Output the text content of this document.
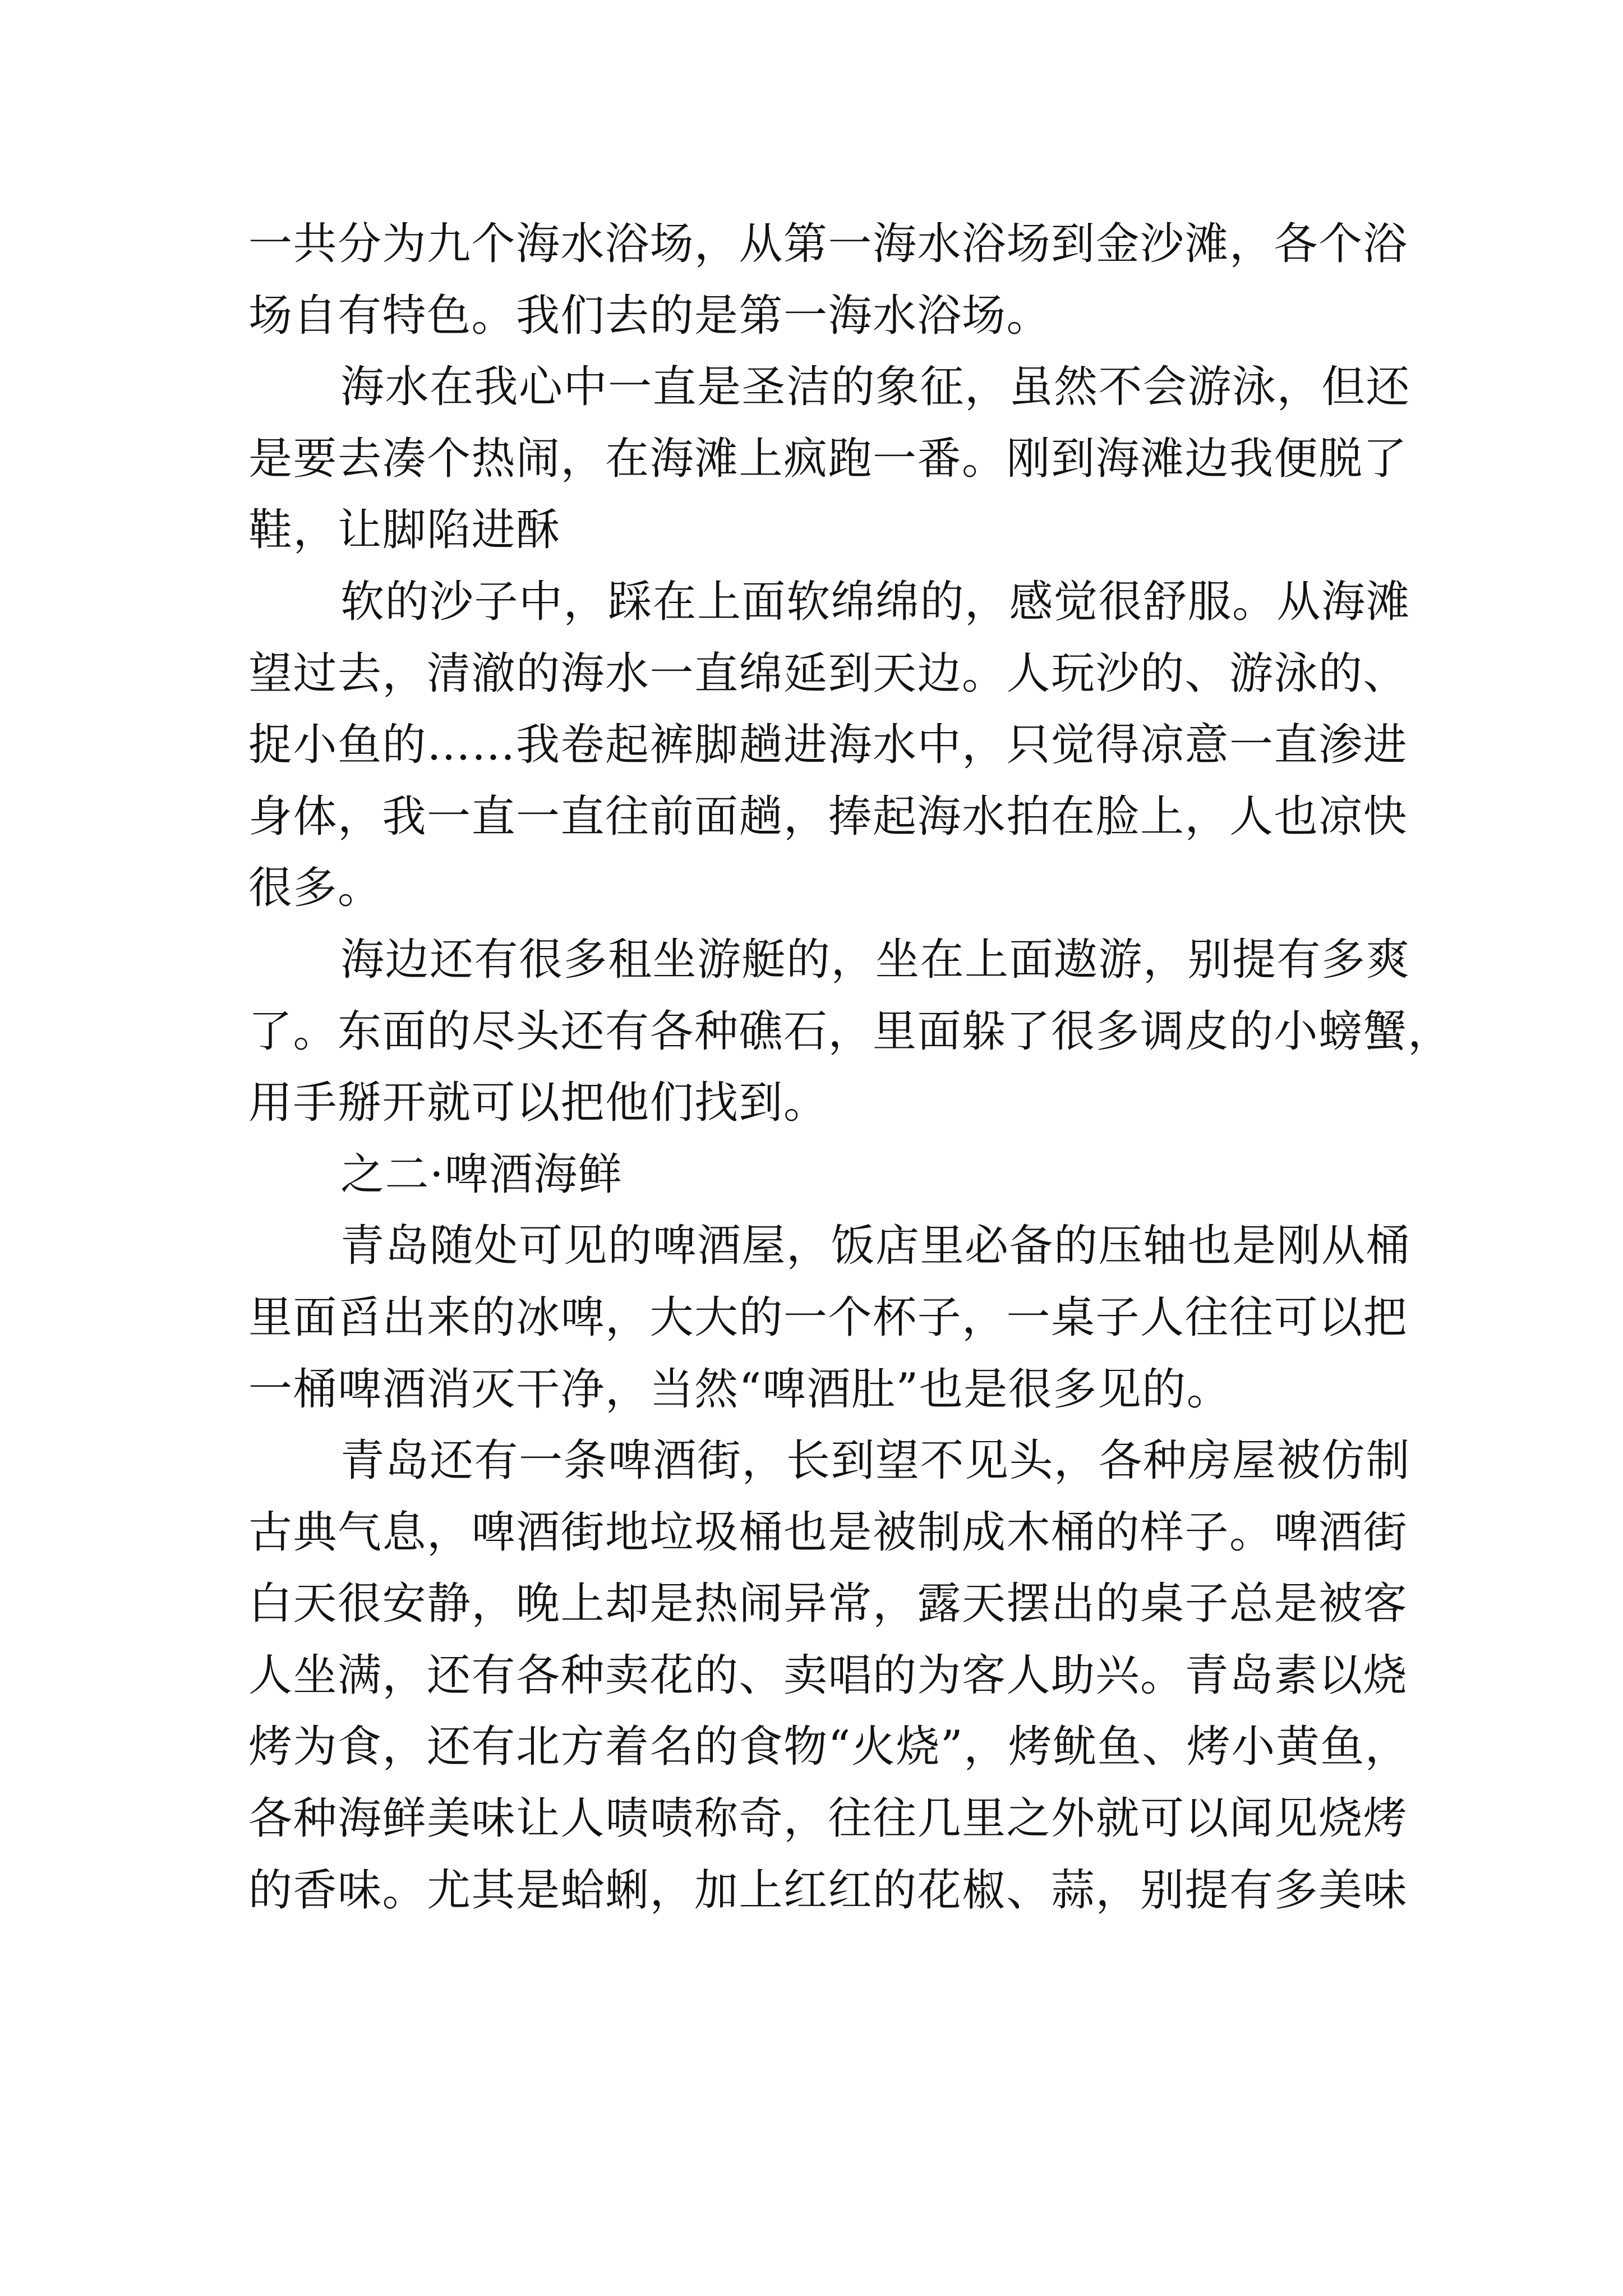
一共分为九个海水浴场，从第一海水浴场到金沙滩，各个浴
场自有特色。我们去的是第一海水浴场。
海水在我心中一直是圣洁的象征，虽然不会游泳，但还
是要去凑个热闹，在海滩上疯跑一番。刚到海滩边我便脱了
鞋，让脚陷进酥
软的沙子中，踩在上面软绵绵的，感觉很舒服。从海滩
望过去，清澈的海水一直绵延到天边。人玩沙的、游泳的、
捉小鱼的……我卷起裤脚趟进海水中，只觉得凉意一直渗进
身体，我一直一直往前面趟，捧起海水拍在脸上，人也凉快
很多。
海边还有很多租坐游艇的，坐在上面遨游，别提有多爽
了。东面的尽头还有各种礁石，里面躲了很多调皮的小螃蟹，
用手掰开就可以把他们找到。
之二·啤酒海鲜
青岛随处可见的啤酒屋，饭店里必备的压轴也是刚从桶
里面舀出来的冰啤，大大的一个杯子，一桌子人往往可以把
一桶啤酒消灭干净，当然“啤酒肚”也是很多见的。
青岛还有一条啤酒街，长到望不见头，各种房屋被仿制
古典气息，啤酒街地垃圾桶也是被制成木桶的样子。啤酒街
白天很安静，晚上却是热闹异常，露天摆出的桌子总是被客
人坐满，还有各种卖花的、卖唱的为客人助兴。青岛素以烧
烤为食，还有北方着名的食物“火烧”，烤鱿鱼、烤小黄鱼，
各种海鲜美味让人啧啧称奇，往往几里之外就可以闻见烧烤
的香味。尤其是蛤蜊，加上红红的花椒、蒜，别提有多美味
